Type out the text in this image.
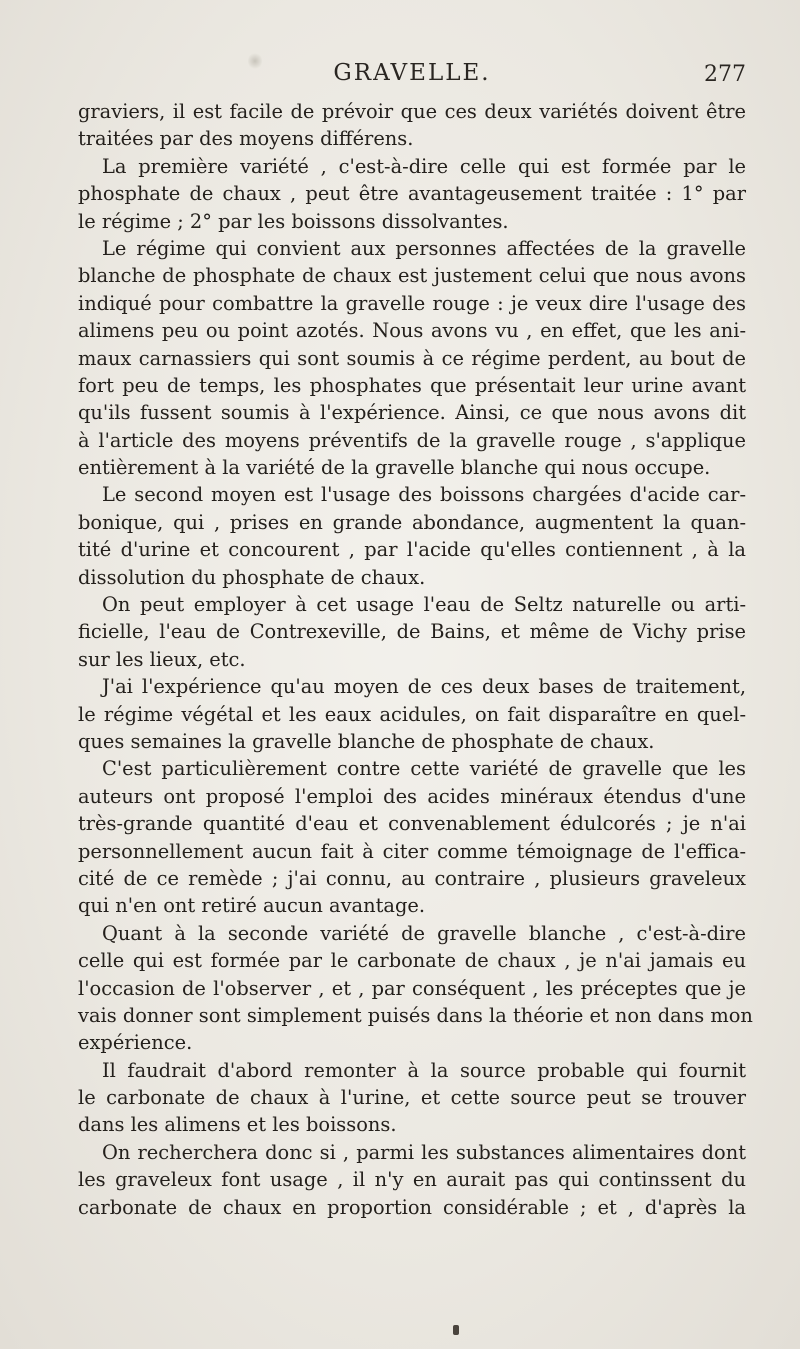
GRAVELLE.	277
graviers, il est facile de prévoir que ces deux variétés doivent être
traitées par des moyens différens.
La première variété , c'est-à-dire celle qui est formée par le
phosphate de chaux , peut être avantageusement traitée : 1° par
le régime ; 2° par les boissons dissolvantes.
Le régime qui convient aux personnes affectées de la gravelle
blanche de phosphate de chaux est justement celui que nous avons
indiqué pour combattre la gravelle rouge : je veux dire l'usage des
alimens peu ou point azotés. Nous avons vu , en effet, que les ani-
maux carnassiers qui sont soumis à ce régime perdent, au bout de
fort peu de temps, les phosphates que présentait leur urine avant
qu'ils fussent soumis à l'expérience. Ainsi, ce que nous avons dit
à l'article des moyens préventifs de la gravelle rouge , s'applique
entièrement à la variété de la gravelle blanche qui nous occupe.
Le second moyen est l'usage des boissons chargées d'acide car-
bonique, qui , prises en grande abondance, augmentent la quan-
tité d'urine et concourent , par l'acide qu'elles contiennent , à la
dissolution du phosphate de chaux.
On peut employer à cet usage l'eau de Seltz naturelle ou arti-
ficielle, l'eau de Contrexeville, de Bains, et même de Vichy prise
sur les lieux, etc.
J'ai l'expérience qu'au moyen de ces deux bases de traitement,
le régime végétal et les eaux acidules, on fait disparaître en quel-
ques semaines la gravelle blanche de phosphate de chaux.
C'est particulièrement contre cette variété de gravelle que les
auteurs ont proposé l'emploi des acides minéraux étendus d'une
très-grande quantité d'eau et convenablement édulcorés ; je n'ai
personnellement aucun fait à citer comme témoignage de l'effica-
cité de ce remède ; j'ai connu, au contraire , plusieurs graveleux
qui n'en ont retiré aucun avantage.
Quant à la seconde variété de gravelle blanche , c'est-à-dire
celle qui est formée par le carbonate de chaux , je n'ai jamais eu
l'occasion de l'observer , et , par conséquent , les préceptes que je
vais donner sont simplement puisés dans la théorie et non dans mon
expérience.
Il faudrait d'abord remonter à la source probable qui fournit
le carbonate de chaux à l'urine, et cette source peut se trouver
dans les alimens et les boissons.
On recherchera donc si , parmi les substances alimentaires dont
les graveleux font usage , il n'y en aurait pas qui continssent du
carbonate de chaux en proportion considérable ; et , d'après la
